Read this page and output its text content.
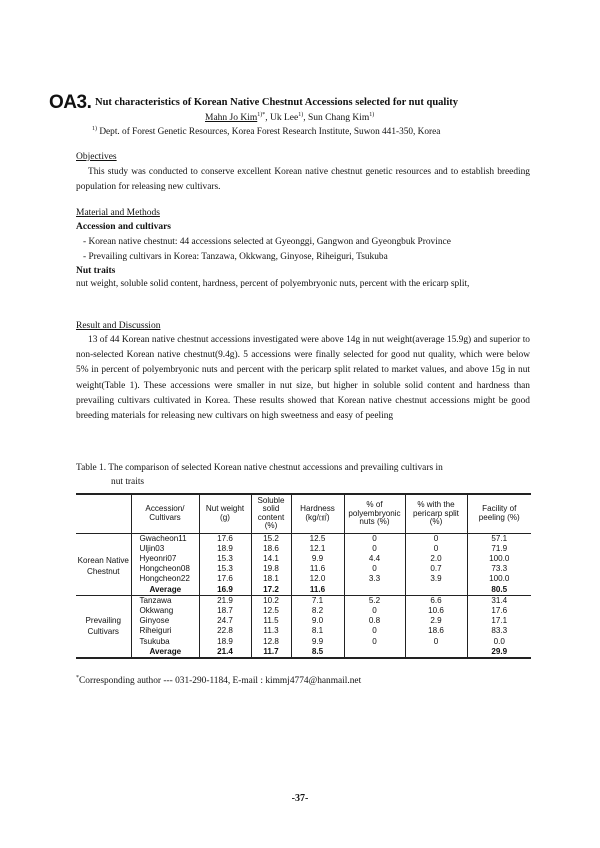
OA3. Nut characteristics of Korean Native Chestnut Accessions selected for nut quality
Mahn Jo Kim$^{1)*}$, Uk Lee$^{1)}$, Sun Chang Kim$^{1)}$
$^{1)}$ Dept. of Forest Genetic Resources, Korea Forest Research Institute, Suwon 441-350, Korea
Objectives
This study was conducted to conserve excellent Korean native chestnut genetic resources and to establish breeding population for releasing new cultivars.
Material and Methods
Accession and cultivars
- Korean native chestnut: 44 accessions selected at Gyeonggi, Gangwon and Gyeongbuk Province
- Prevailing cultivars in Korea: Tanzawa, Okkwang, Ginyose, Riheiguri, Tsukuba
Nut traits
nut weight, soluble solid content, hardness, percent of polyembryonic nuts, percent with the ericarp split,
Result and Discussion
13 of 44 Korean native chestnut accessions investigated were above 14g in nut weight(average 15.9g) and superior to non-selected Korean native chestnut(9.4g). 5 accessions were finally selected for good nut quality, which were below 5% in percent of polyembryonic nuts and percent with the pericarp split related to market values, and above 15g in nut weight(Table 1). These accessions were smaller in nut size, but higher in soluble solid content and hardness than prevailing cultivars cultivated in Korea. These results showed that Korean native chestnut accessions might be good breeding materials for releasing new cultivars on high sweetness and easy of peeling
Table 1. The comparison of selected Korean native chestnut accessions and prevailing cultivars in
nut traits
	Accession/ Cultivars	Nut weight (g)	Soluble solid content (%)	Hardness (kg/㎠)	% of polyembryonic nuts (%)	% with the pericarp split (%)	Facility of peeling (%)
Korean Native Chestnut	Gwacheon11	17.6	15.2	12.5	0	0	57.1
	Uljin03	18.9	18.6	12.1	0	0	71.9
	Hyeonri07	15.3	14.1	9.9	4.4	2.0	100.0
	Hongcheon08	15.3	19.8	11.6	0	0.7	73.3
	Hongcheon22	17.6	18.1	12.0	3.3	3.9	100.0
	Average	16.9	17.2	11.6			80.5
Prevailing Cultivars	Tanzawa	21.9	10.2	7.1	5.2	6.6	31.4
	Okkwang	18.7	12.5	8.2	0	10.6	17.6
	Ginyose	24.7	11.5	9.0	0.8	2.9	17.1
	Riheiguri	22.8	11.3	8.1	0	18.6	83.3
	Tsukuba	18.9	12.8	9.9	0	0	0.0
	Average	21.4	11.7	8.5			29.9
*Corresponding author --- 031-290-1184, E-mail : kimmj4774@hanmail.net
-37-
